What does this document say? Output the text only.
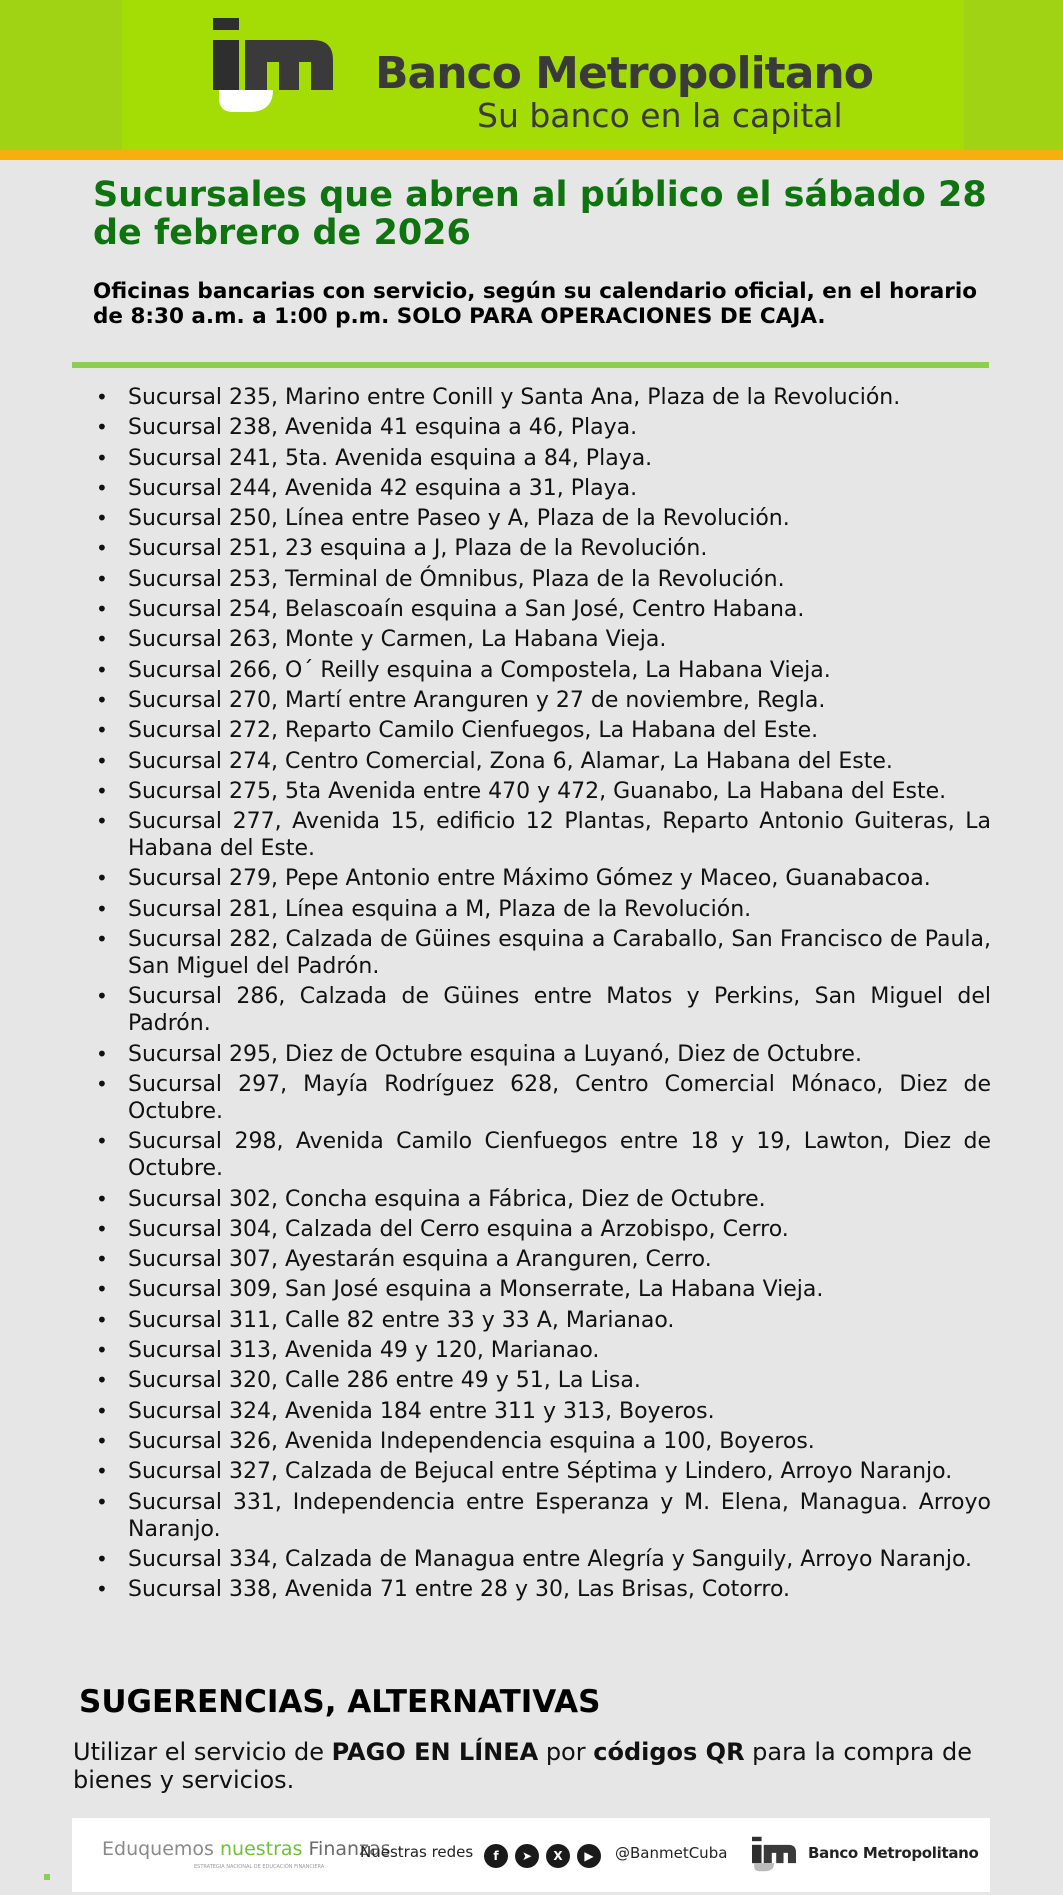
Banco Metropolitano
Su banco en la capital
Sucursales que abren al público el sábado 28 de febrero de 2026

Oficinas bancarias con servicio, según su calendario oficial, en el horario de 8:30 a.m. a 1:00 p.m. SOLO PARA OPERACIONES DE CAJA.

• Sucursal 235, Marino entre Conill y Santa Ana, Plaza de la Revolución.
• Sucursal 238, Avenida 41 esquina a 46, Playa.
• Sucursal 241, 5ta. Avenida esquina a 84, Playa.
• Sucursal 244, Avenida 42 esquina a 31, Playa.
• Sucursal 250, Línea entre Paseo y A, Plaza de la Revolución.
• Sucursal 251, 23 esquina a J, Plaza de la Revolución.
• Sucursal 253, Terminal de Ómnibus, Plaza de la Revolución.
• Sucursal 254, Belascoaín esquina a San José, Centro Habana.
• Sucursal 263, Monte y Carmen, La Habana Vieja.
• Sucursal 266, O´ Reilly esquina a Compostela, La Habana Vieja.
• Sucursal 270, Martí entre Aranguren y 27 de noviembre, Regla.
• Sucursal 272, Reparto Camilo Cienfuegos, La Habana del Este.
• Sucursal 274, Centro Comercial, Zona 6, Alamar, La Habana del Este.
• Sucursal 275, 5ta Avenida entre 470 y 472, Guanabo, La Habana del Este.
• Sucursal 277, Avenida 15, edificio 12 Plantas, Reparto Antonio Guiteras, La Habana del Este.
• Sucursal 279, Pepe Antonio entre Máximo Gómez y Maceo, Guanabacoa.
• Sucursal 281, Línea esquina a M, Plaza de la Revolución.
• Sucursal 282, Calzada de Güines esquina a Caraballo, San Francisco de Paula, San Miguel del Padrón.
• Sucursal 286, Calzada de Güines entre Matos y Perkins, San Miguel del Padrón.
• Sucursal 295, Diez de Octubre esquina a Luyanó, Diez de Octubre.
• Sucursal 297, Mayía Rodríguez 628, Centro Comercial Mónaco, Diez de Octubre.
• Sucursal 298, Avenida Camilo Cienfuegos entre 18 y 19, Lawton, Diez de Octubre.
• Sucursal 302, Concha esquina a Fábrica, Diez de Octubre.
• Sucursal 304, Calzada del Cerro esquina a Arzobispo, Cerro.
• Sucursal 307, Ayestarán esquina a Aranguren, Cerro.
• Sucursal 309, San José esquina a Monserrate, La Habana Vieja.
• Sucursal 311, Calle 82 entre 33 y 33 A, Marianao.
• Sucursal 313, Avenida 49 y 120, Marianao.
• Sucursal 320, Calle 286 entre 49 y 51, La Lisa.
• Sucursal 324, Avenida 184 entre 311 y 313, Boyeros.
• Sucursal 326, Avenida Independencia esquina a 100, Boyeros.
• Sucursal 327, Calzada de Bejucal entre Séptima y Lindero, Arroyo Naranjo.
• Sucursal 331, Independencia entre Esperanza y M. Elena, Managua. Arroyo Naranjo.
• Sucursal 334, Calzada de Managua entre Alegría y Sanguily, Arroyo Naranjo.
• Sucursal 338, Avenida 71 entre 28 y 30, Las Brisas, Cotorro.
SUGERENCIAS, ALTERNATIVAS

Utilizar el servicio de PAGO EN LÍNEA por códigos QR para la compra de bienes y servicios.

Eduquemos nuestras Finanzas
ESTRATEGIA NACIONAL DE EDUCACIÓN FINANCIERA
Nuestras redes	f	➤	X	▶	@BanmetCuba	Banco Metropolitano
